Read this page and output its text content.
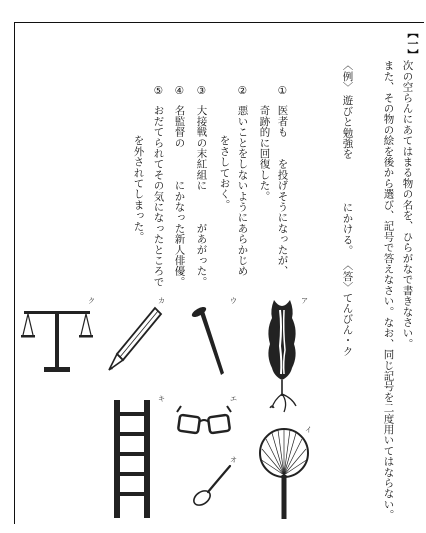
【一】
次の空らんにあてはまる物の名を、ひらがなで書きなさい。
また、その物の絵を後から選び、記号で答えなさい。なお、同じ記号を二度用いてはならない。
〈例〉
遊びと勉強を　　　　にかける。
〈答〉てんびん・ク
①
医者も　　を投げそうになったが、
奇跡的に回復した。
②
悪いことをしないようにあらかじめ
をさしておく。
③
大接戦の末紅組に　　　があがった。
④
名監督の　　　にかなった新人俳優。
⑤
おだてられてその気になったところで
を外されてしまった。
ア
イ
ウ
エ
オ
カ
キ
ク
